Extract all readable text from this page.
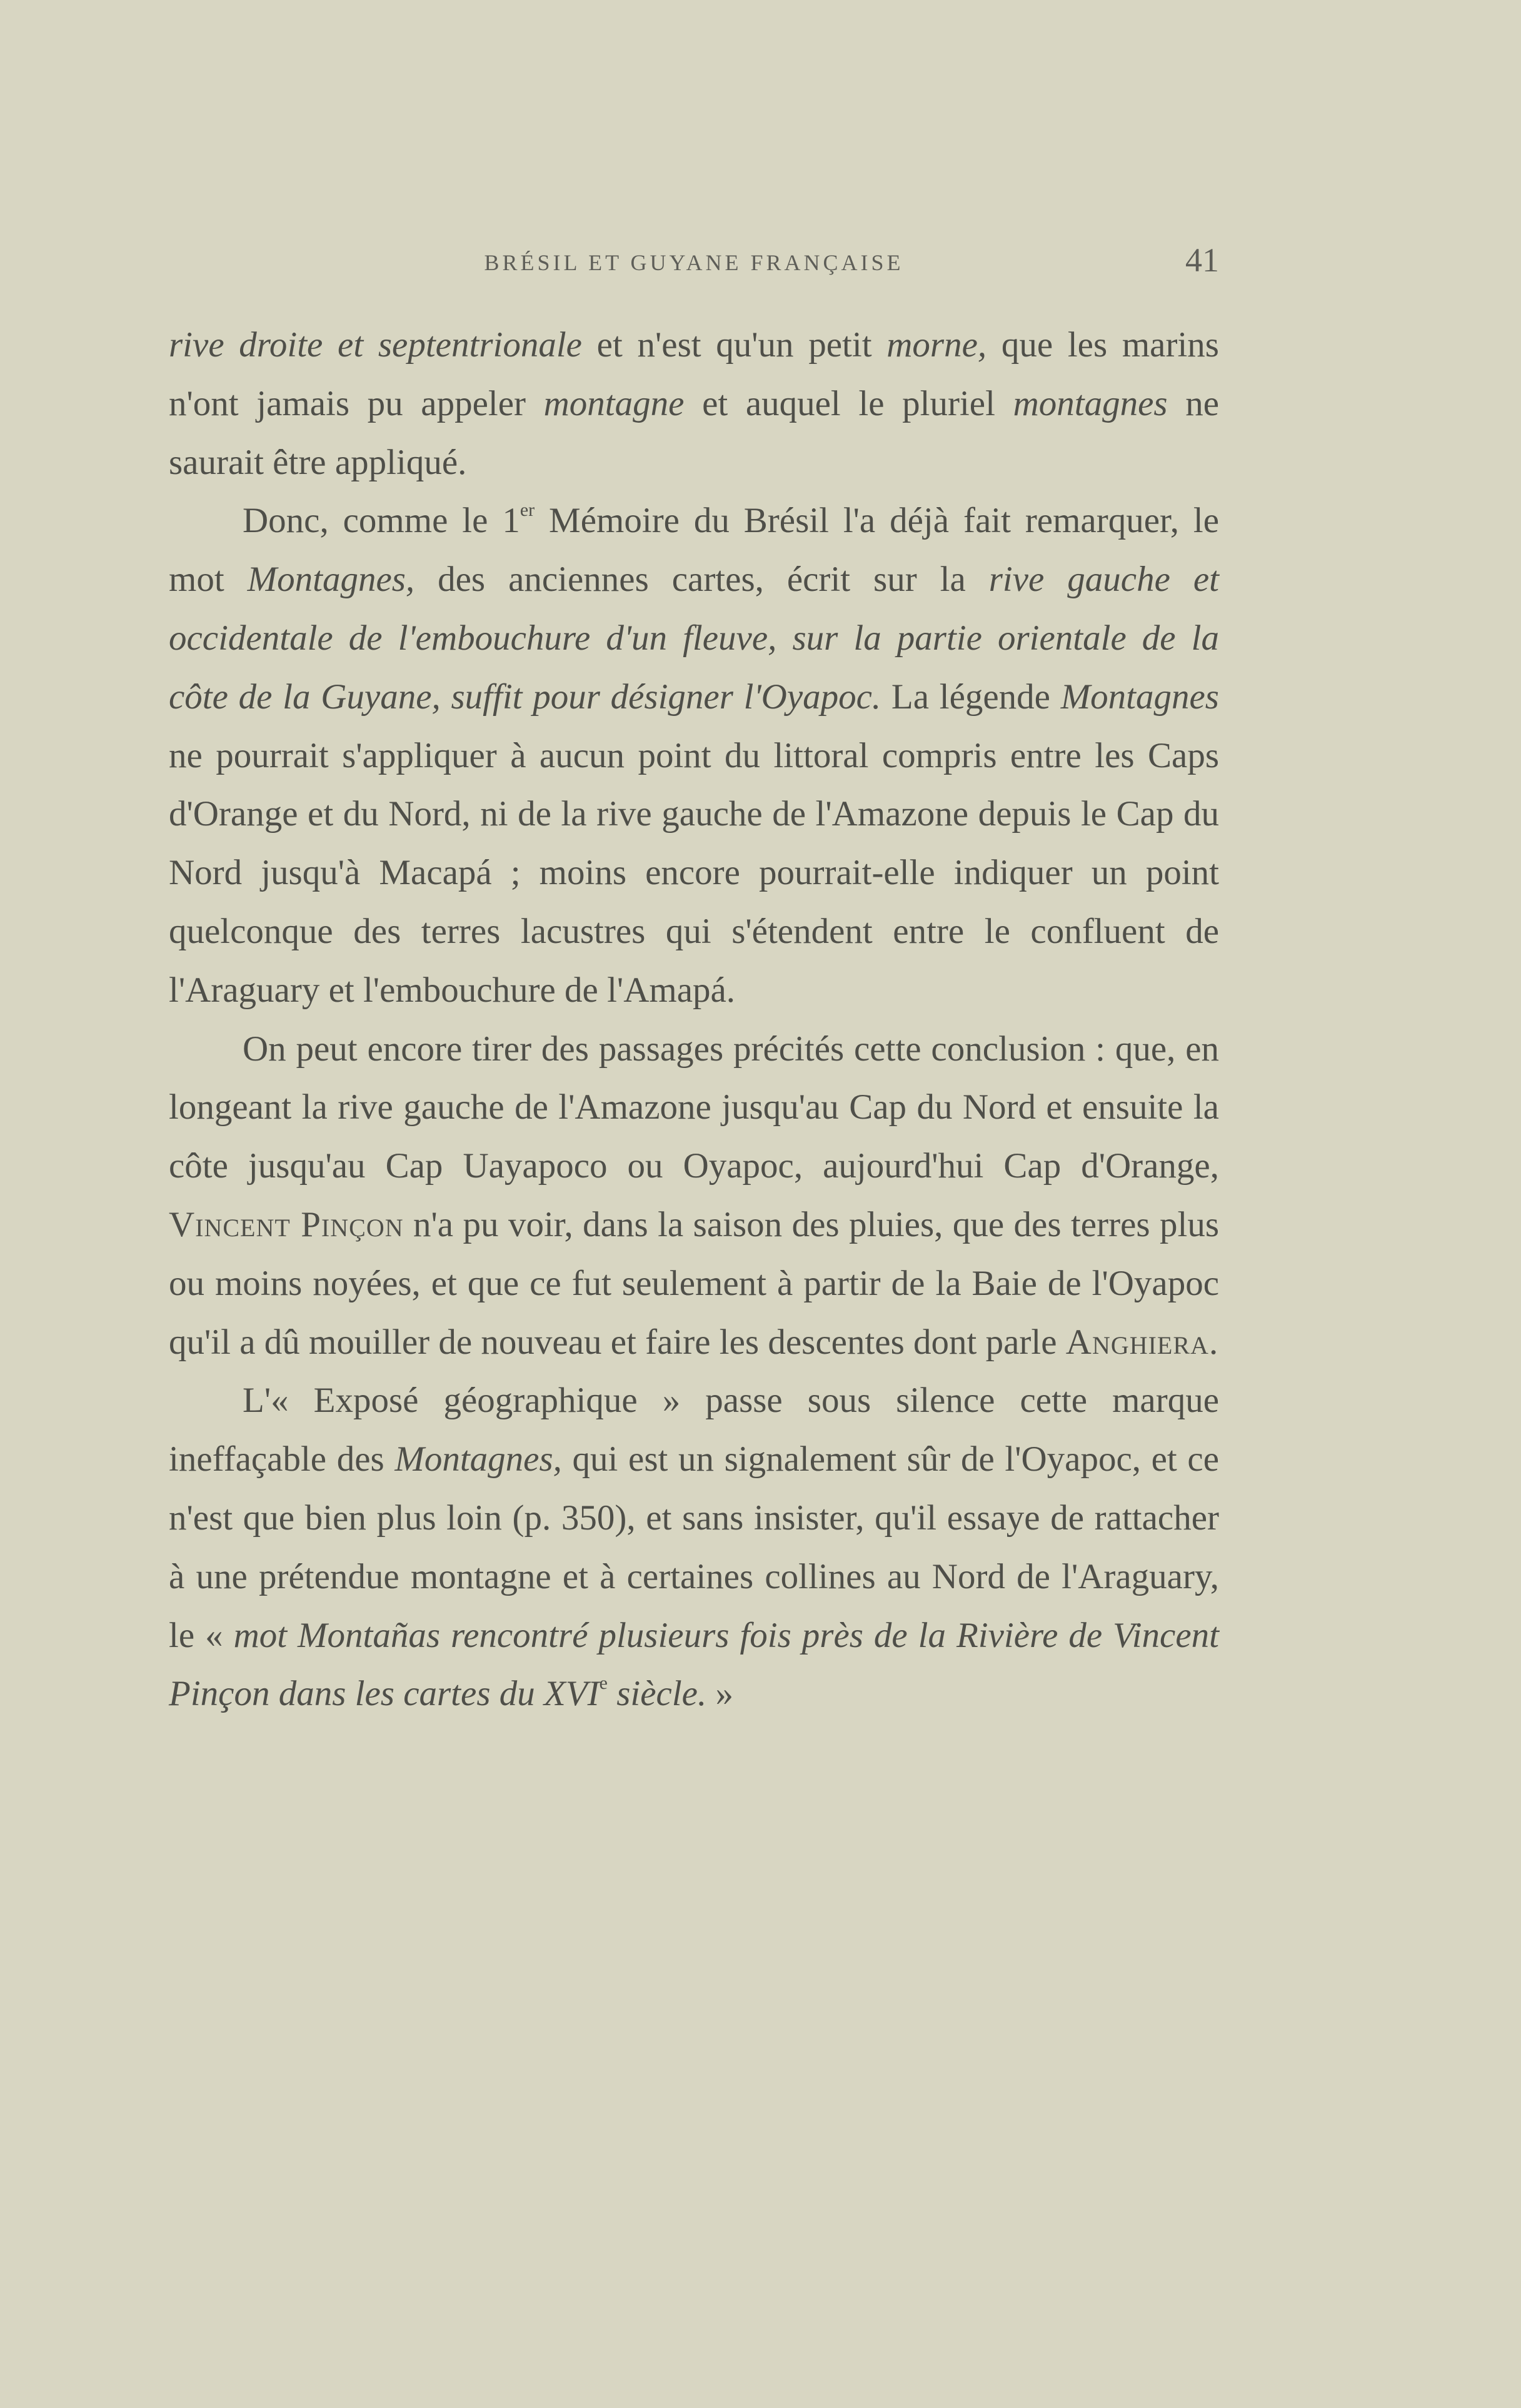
BRÉSIL ET GUYANE FRANÇAISE	41

rive droite et septentrionale et n'est qu'un petit morne, que les marins n'ont jamais pu appeler montagne et auquel le pluriel montagnes ne saurait être appliqué.

Donc, comme le 1er Mémoire du Brésil l'a déjà fait remarquer, le mot Montagnes, des anciennes cartes, écrit sur la rive gauche et occidentale de l'embouchure d'un fleuve, sur la partie orientale de la côte de la Guyane, suffit pour désigner l'Oyapoc. La légende Montagnes ne pourrait s'appliquer à aucun point du littoral compris entre les Caps d'Orange et du Nord, ni de la rive gauche de l'Amazone depuis le Cap du Nord jusqu'à Macapá ; moins encore pourrait-elle indiquer un point quelconque des terres lacustres qui s'étendent entre le confluent de l'Araguary et l'embouchure de l'Amapá.

On peut encore tirer des passages précités cette conclusion : que, en longeant la rive gauche de l'Amazone jusqu'au Cap du Nord et ensuite la côte jusqu'au Cap Uayapoco ou Oyapoc, aujourd'hui Cap d'Orange, Vincent Pinçon n'a pu voir, dans la saison des pluies, que des terres plus ou moins noyées, et que ce fut seulement à partir de la Baie de l'Oyapoc qu'il a dû mouiller de nouveau et faire les descentes dont parle Anghiera.

L'« Exposé géographique » passe sous silence cette marque ineffaçable des Montagnes, qui est un signalement sûr de l'Oyapoc, et ce n'est que bien plus loin (p. 350), et sans insister, qu'il essaye de rattacher à une prétendue montagne et à certaines collines au Nord de l'Araguary, le « mot Montañas rencontré plusieurs fois près de la Rivière de Vincent Pinçon dans les cartes du XVIe siècle. »
